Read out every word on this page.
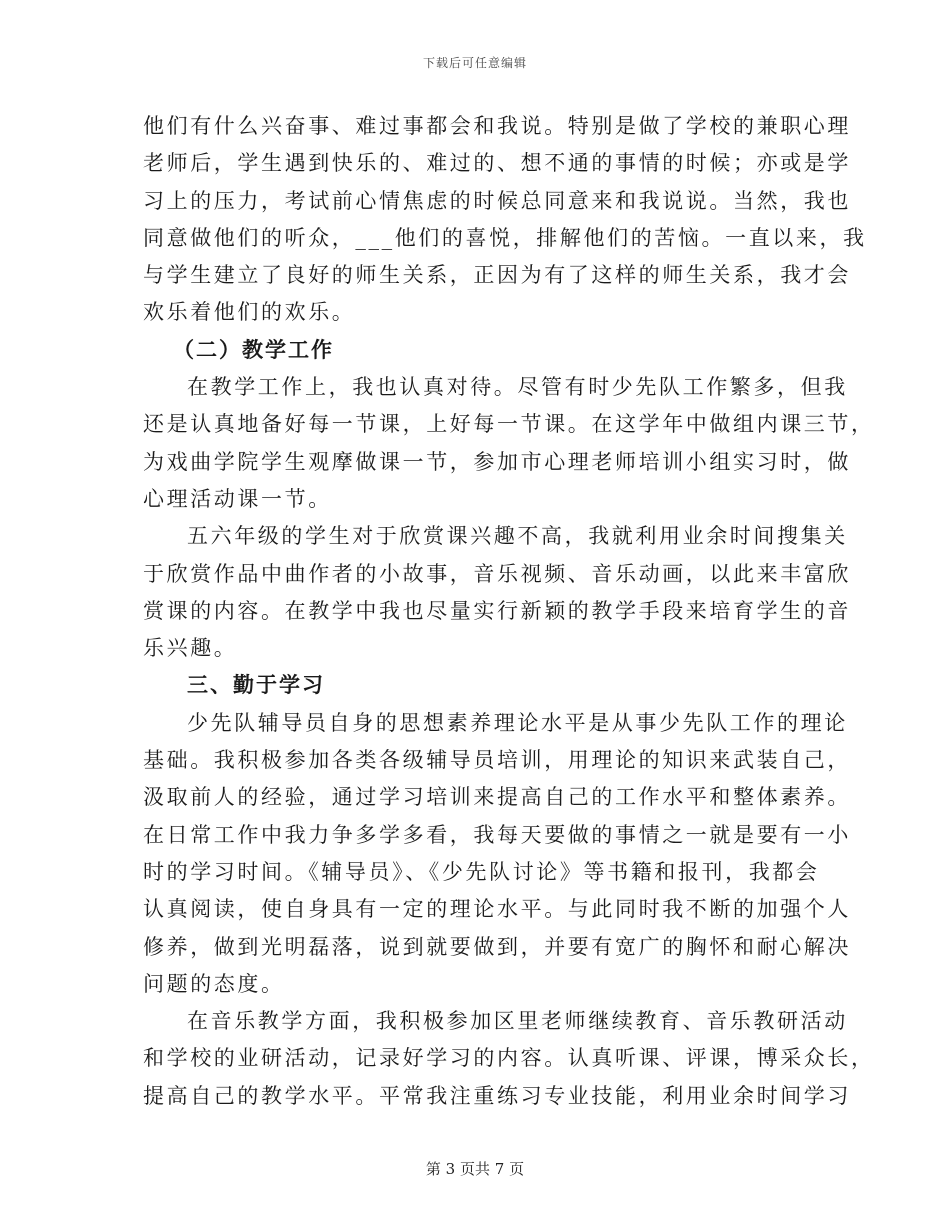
下载后可任意编辑
他们有什么兴奋事、难过事都会和我说。特别是做了学校的兼职心理
老师后，学生遇到快乐的、难过的、想不通的事情的时候；亦或是学
习上的压力，考试前心情焦虑的时候总同意来和我说说。当然，我也
同意做他们的听众，___他们的喜悦，排解他们的苦恼。一直以来，我
与学生建立了良好的师生关系，正因为有了这样的师生关系，我才会
欢乐着他们的欢乐。
（二）教学工作
在教学工作上，我也认真对待。尽管有时少先队工作繁多，但我
还是认真地备好每一节课，上好每一节课。在这学年中做组内课三节，
为戏曲学院学生观摩做课一节，参加市心理老师培训小组实习时，做
心理活动课一节。
五六年级的学生对于欣赏课兴趣不高，我就利用业余时间搜集关
于欣赏作品中曲作者的小故事，音乐视频、音乐动画，以此来丰富欣
赏课的内容。在教学中我也尽量实行新颖的教学手段来培育学生的音
乐兴趣。
三、勤于学习
少先队辅导员自身的思想素养理论水平是从事少先队工作的理论
基础。我积极参加各类各级辅导员培训，用理论的知识来武装自己，
汲取前人的经验，通过学习培训来提高自己的工作水平和整体素养。
在日常工作中我力争多学多看，我每天要做的事情之一就是要有一小
时的学习时间。《辅导员》、《少先队讨论》等书籍和报刊，我都会
认真阅读，使自身具有一定的理论水平。与此同时我不断的加强个人
修养，做到光明磊落，说到就要做到，并要有宽广的胸怀和耐心解决
问题的态度。
在音乐教学方面，我积极参加区里老师继续教育、音乐教研活动
和学校的业研活动，记录好学习的内容。认真听课、评课，博采众长，
提高自己的教学水平。平常我注重练习专业技能，利用业余时间学习
第 3 页共 7 页
